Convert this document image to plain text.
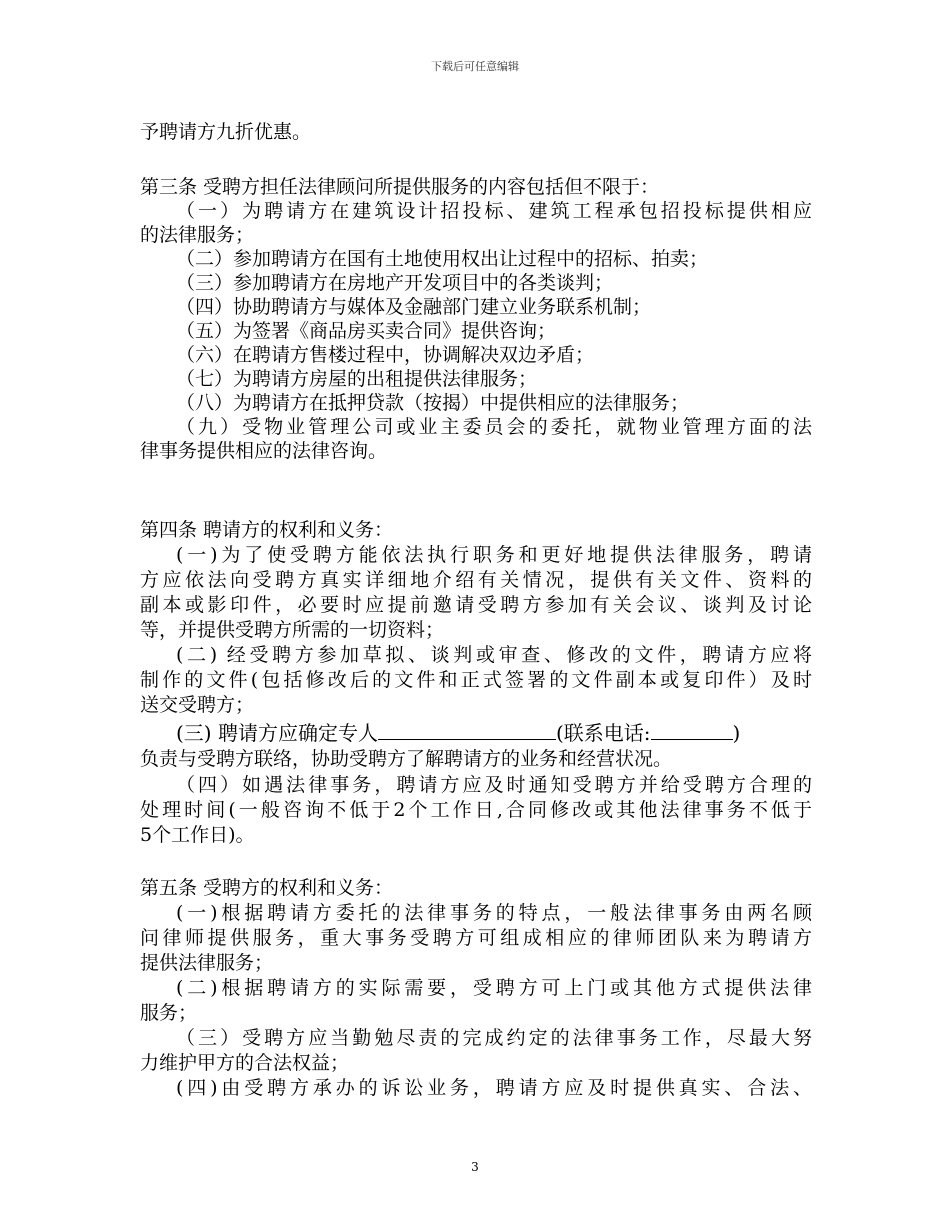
下载后可任意编辑
予聘请方九折优惠。
第三条 受聘方担任法律顾问所提供服务的内容包括但不限于：
（一）为聘请方在建筑设计招投标、建筑工程承包招投标提供相应
的法律服务；
（二）参加聘请方在国有土地使用权出让过程中的招标、拍卖；
（三）参加聘请方在房地产开发项目中的各类谈判；
（四）协助聘请方与媒体及金融部门建立业务联系机制；
（五）为签署《商品房买卖合同》提供咨询；
（六）在聘请方售楼过程中，协调解决双边矛盾；
（七）为聘请方房屋的出租提供法律服务；
（八）为聘请方在抵押贷款（按揭）中提供相应的法律服务；
（九）受物业管理公司或业主委员会的委托，就物业管理方面的法
律事务提供相应的法律咨询。
第四条 聘请方的权利和义务：
(一)为了使受聘方能依法执行职务和更好地提供法律服务，聘请
方应依法向受聘方真实详细地介绍有关情况，提供有关文件、资料的
副本或影印件，必要时应提前邀请受聘方参加有关会议、谈判及讨论
等，并提供受聘方所需的一切资料；
(二) 经受聘方参加草拟、谈判或审查、修改的文件，聘请方应将
制作的文件(包括修改后的文件和正式签署的文件副本或复印件）及时
送交受聘方；
(三) 聘请方应确定专人	(联系电话:	)
负责与受聘方联络，协助受聘方了解聘请方的业务和经营状况。
（四）如遇法律事务，聘请方应及时通知受聘方并给受聘方合理的
处理时间(一般咨询不低于2个工作日,合同修改或其他法律事务不低于
5个工作日)。
第五条 受聘方的权利和义务：
(一)根据聘请方委托的法律事务的特点，一般法律事务由两名顾
问律师提供服务，重大事务受聘方可组成相应的律师团队来为聘请方
提供法律服务；
(二)根据聘请方的实际需要，受聘方可上门或其他方式提供法律
服务；
（三）受聘方应当勤勉尽责的完成约定的法律事务工作，尽最大努
力维护甲方的合法权益；
(四)由受聘方承办的诉讼业务，聘请方应及时提供真实、合法、
3
